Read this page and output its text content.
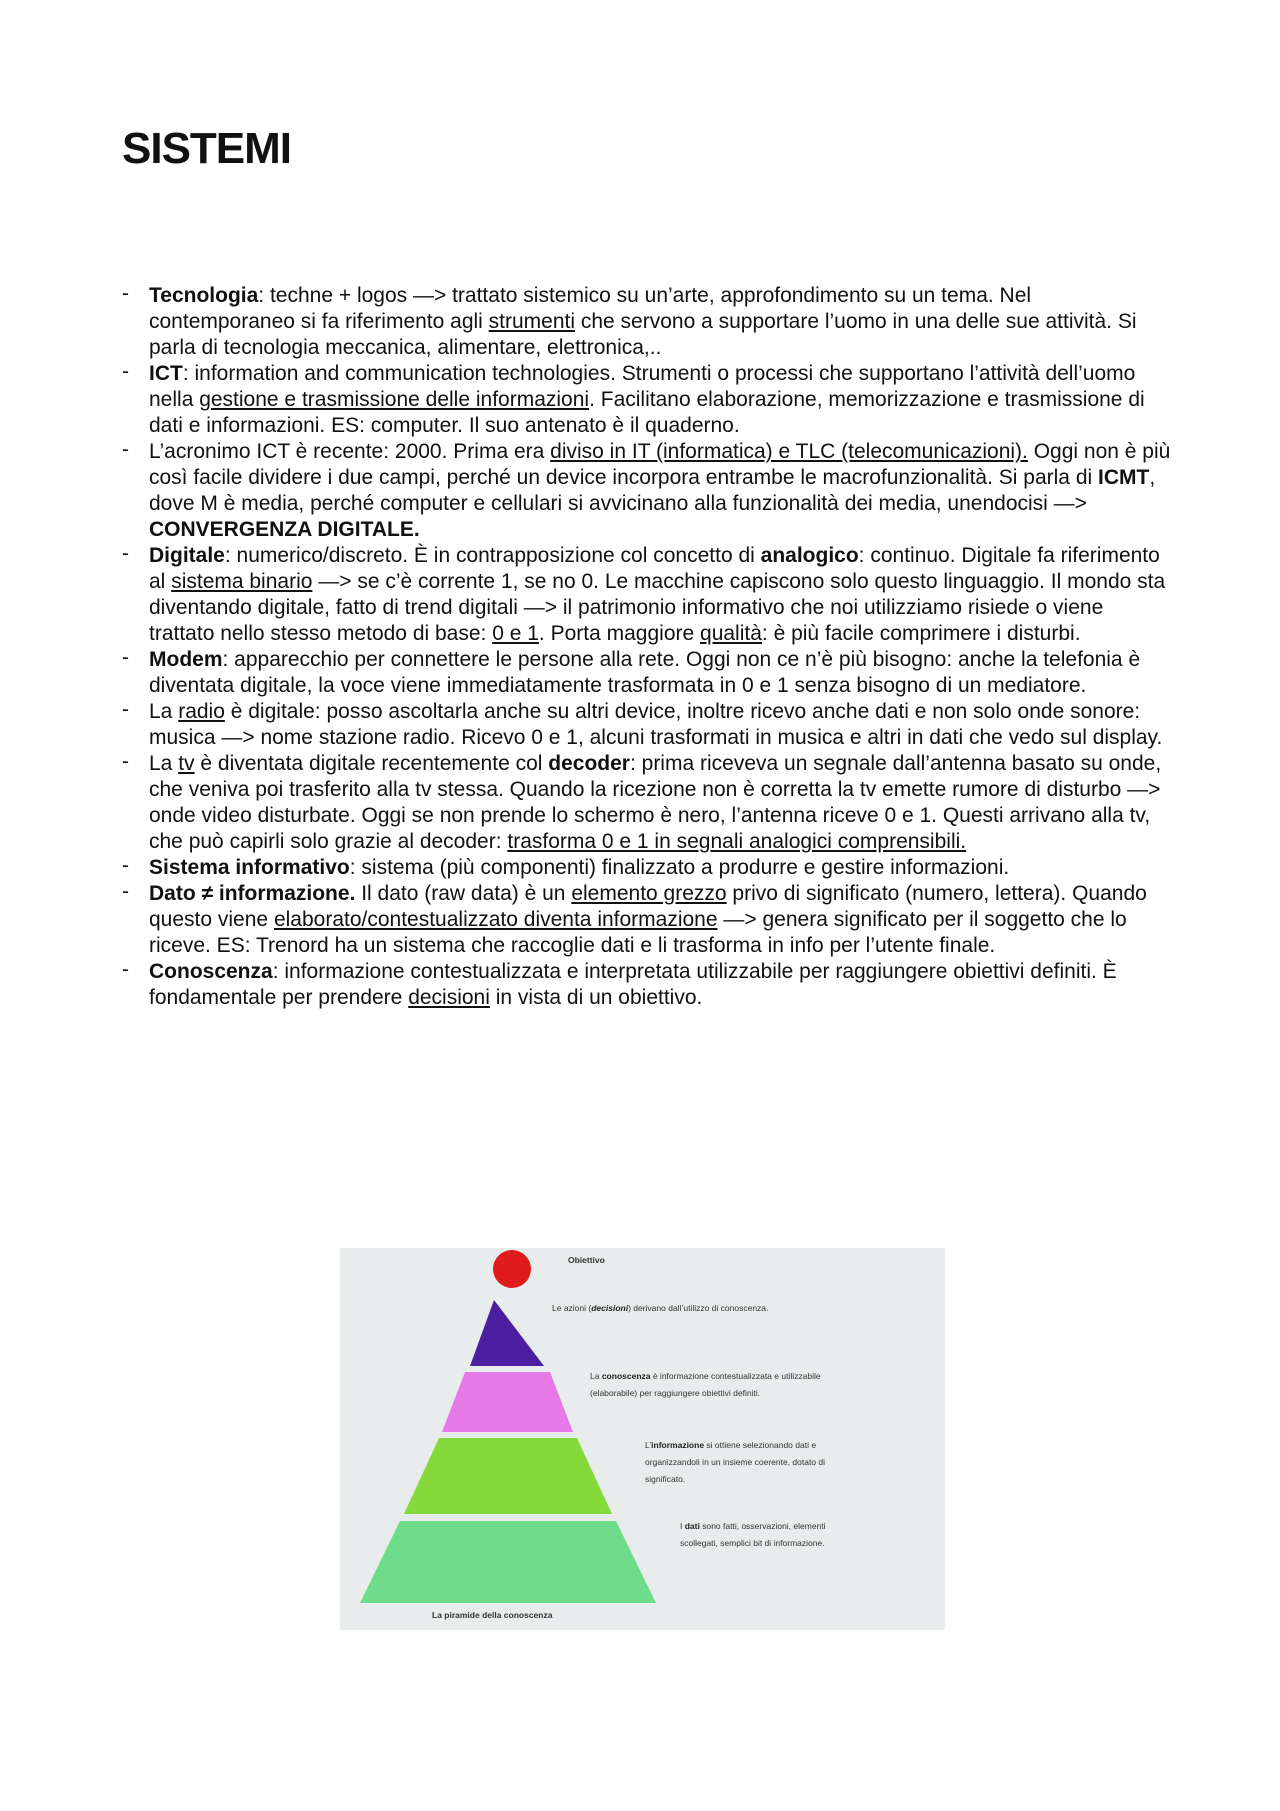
SISTEMI
- Tecnologia: techne + logos —> trattato sistemico su un’arte, approfondimento su un tema. Nel contemporaneo si fa riferimento agli strumenti che servono a supportare l’uomo in una delle sue attività. Si parla di tecnologia meccanica, alimentare, elettronica,..
- ICT: information and communication technologies. Strumenti o processi che supportano l’attività dell’uomo nella gestione e trasmissione delle informazioni. Facilitano elaborazione, memorizzazione e trasmissione di dati e informazioni. ES: computer. Il suo antenato è il quaderno.
- L’acronimo ICT è recente: 2000. Prima era diviso in IT (informatica) e TLC (telecomunicazioni). Oggi non è più così facile dividere i due campi, perché un device incorpora entrambe le macrofunzionalità. Si parla di ICMT, dove M è media, perché computer e cellulari si avvicinano alla funzionalità dei media, unendocisi —> CONVERGENZA DIGITALE.
- Digitale: numerico/discreto. È in contrapposizione col concetto di analogico: continuo. Digitale fa riferimento al sistema binario —> se c’è corrente 1, se no 0. Le macchine capiscono solo questo linguaggio. Il mondo sta diventando digitale, fatto di trend digitali —> il patrimonio informativo che noi utilizziamo risiede o viene trattato nello stesso metodo di base: 0 e 1. Porta maggiore qualità: è più facile comprimere i disturbi.
- Modem: apparecchio per connettere le persone alla rete. Oggi non ce n’è più bisogno: anche la telefonia è diventata digitale, la voce viene immediatamente trasformata in 0 e 1 senza bisogno di un mediatore.
- La radio è digitale: posso ascoltarla anche su altri device, inoltre ricevo anche dati e non solo onde sonore: musica —> nome stazione radio. Ricevo 0 e 1, alcuni trasformati in musica e altri in dati che vedo sul display.
- La tv è diventata digitale recentemente col decoder: prima riceveva un segnale dall’antenna basato su onde, che veniva poi trasferito alla tv stessa. Quando la ricezione non è corretta la tv emette rumore di disturbo —> onde video disturbate. Oggi se non prende lo schermo è nero, l’antenna riceve 0 e 1. Questi arrivano alla tv, che può capirli solo grazie al decoder: trasforma 0 e 1 in segnali analogici comprensibili.
- Sistema informativo: sistema (più componenti) finalizzato a produrre e gestire informazioni.
- Dato ≠ informazione. Il dato (raw data) è un elemento grezzo privo di significato (numero, lettera). Quando questo viene elaborato/contestualizzato diventa informazione —> genera significato per il soggetto che lo riceve. ES: Trenord ha un sistema che raccoglie dati e li trasforma in info per l’utente finale.
- Conoscenza: informazione contestualizzata e interpretata utilizzabile per raggiungere obiettivi definiti. È fondamentale per prendere decisioni in vista di un obiettivo.
Obiettivo
Le azioni (decisioni) derivano dall’utilizzo di conoscenza.
La conoscenza è informazione contestualizzata e utilizzabile (elaborabile) per raggiungere obiettivi definiti.
L’informazione si ottiene selezionando dati e organizzandoli in un insieme coerente, dotato di significato.
I dati sono fatti, osservazioni, elementi scollegati, semplici bit di informazione.
La piramide della conoscenza
